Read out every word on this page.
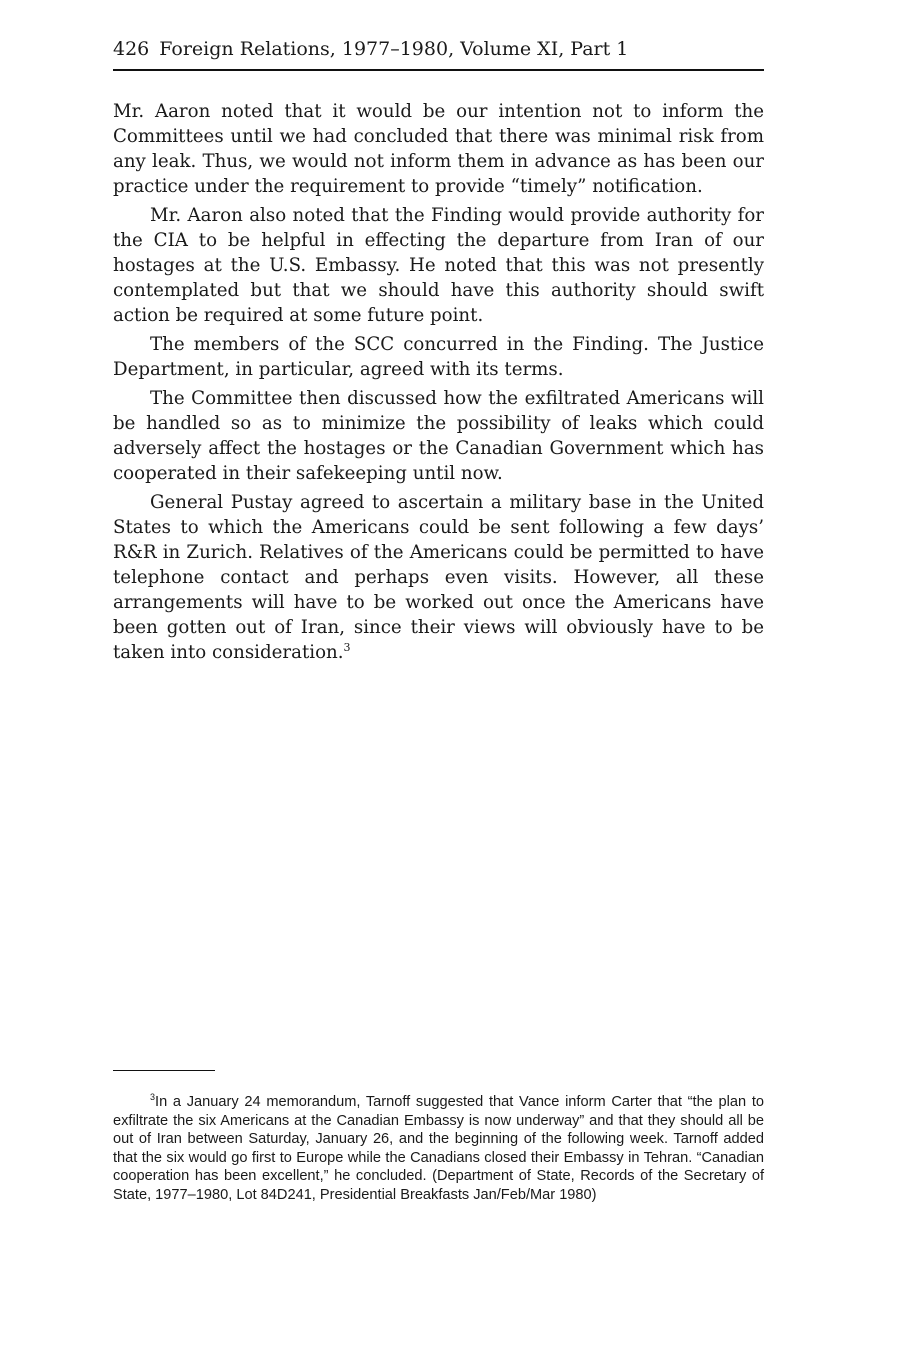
426 Foreign Relations, 1977–1980, Volume XI, Part 1

Mr. Aaron noted that it would be our intention not to inform the Committees until we had concluded that there was minimal risk from any leak. Thus, we would not inform them in advance as has been our practice under the requirement to provide “timely” notification.

Mr. Aaron also noted that the Finding would provide authority for the CIA to be helpful in effecting the departure from Iran of our hostages at the U.S. Embassy. He noted that this was not presently contemplated but that we should have this authority should swift action be required at some future point.

The members of the SCC concurred in the Finding. The Justice Department, in particular, agreed with its terms.

The Committee then discussed how the exfiltrated Americans will be handled so as to minimize the possibility of leaks which could adversely affect the hostages or the Canadian Government which has cooperated in their safekeeping until now.

General Pustay agreed to ascertain a military base in the United States to which the Americans could be sent following a few days’ R&R in Zurich. Relatives of the Americans could be permitted to have telephone contact and perhaps even visits. However, all these arrangements will have to be worked out once the Americans have been gotten out of Iran, since their views will obviously have to be taken into consideration.$^3$

$^3$In a January 24 memorandum, Tarnoff suggested that Vance inform Carter that “the plan to exfiltrate the six Americans at the Canadian Embassy is now underway” and that they should all be out of Iran between Saturday, January 26, and the beginning of the following week. Tarnoff added that the six would go first to Europe while the Canadians closed their Embassy in Tehran. “Canadian cooperation has been excellent,” he concluded. (Department of State, Records of the Secretary of State, 1977–1980, Lot 84D241, Presidential Breakfasts Jan/Feb/Mar 1980)
